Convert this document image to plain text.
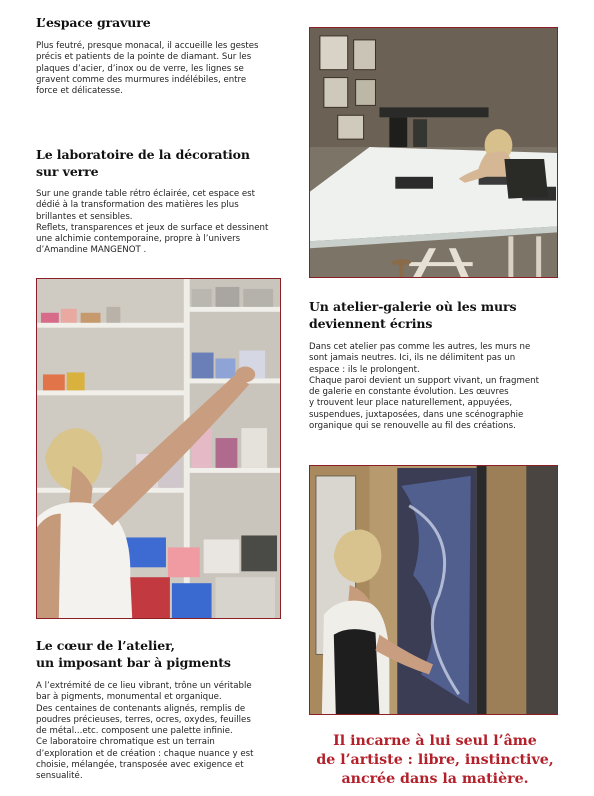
L’espace gravure

Plus feutré, presque monacal, il accueille les gestes
précis et patients de la pointe de diamant. Sur les
plaques d’acier, d’inox ou de verre, les lignes se
gravent comme des murmures indélébiles, entre
force et délicatesse.

Le laboratoire de la décoration
sur verre

Sur une grande table rétro éclairée, cet espace est
dédié à la transformation des matières les plus
brillantes et sensibles.
Reflets, transparences et jeux de surface et dessinent
une alchimie contemporaine, propre à l’univers
d’Amandine MANGENOT .

Un atelier-galerie où les murs
deviennent écrins

Dans cet atelier pas comme les autres, les murs ne
sont jamais neutres. Ici, ils ne délimitent pas un
espace : ils le prolongent.
Chaque paroi devient un support vivant, un fragment
de galerie en constante évolution. Les œuvres
y trouvent leur place naturellement, appuyées,
suspendues, juxtaposées, dans une scénographie
organique qui se renouvelle au fil des créations.

Le cœur de l’atelier,
un imposant bar à pigments

A l’extrémité de ce lieu vibrant, trône un véritable
bar à pigments, monumental et organique.
Des centaines de contenants alignés, remplis de
poudres précieuses, terres, ocres, oxydes, feuilles
de métal...etc. composent une palette infinie.
Ce laboratoire chromatique est un terrain
d’exploration et de création : chaque nuance y est
choisie, mélangée, transposée avec exigence et
sensualité.

Il incarne à lui seul l’âme
de l’artiste : libre, instinctive,
ancrée dans la matière.
